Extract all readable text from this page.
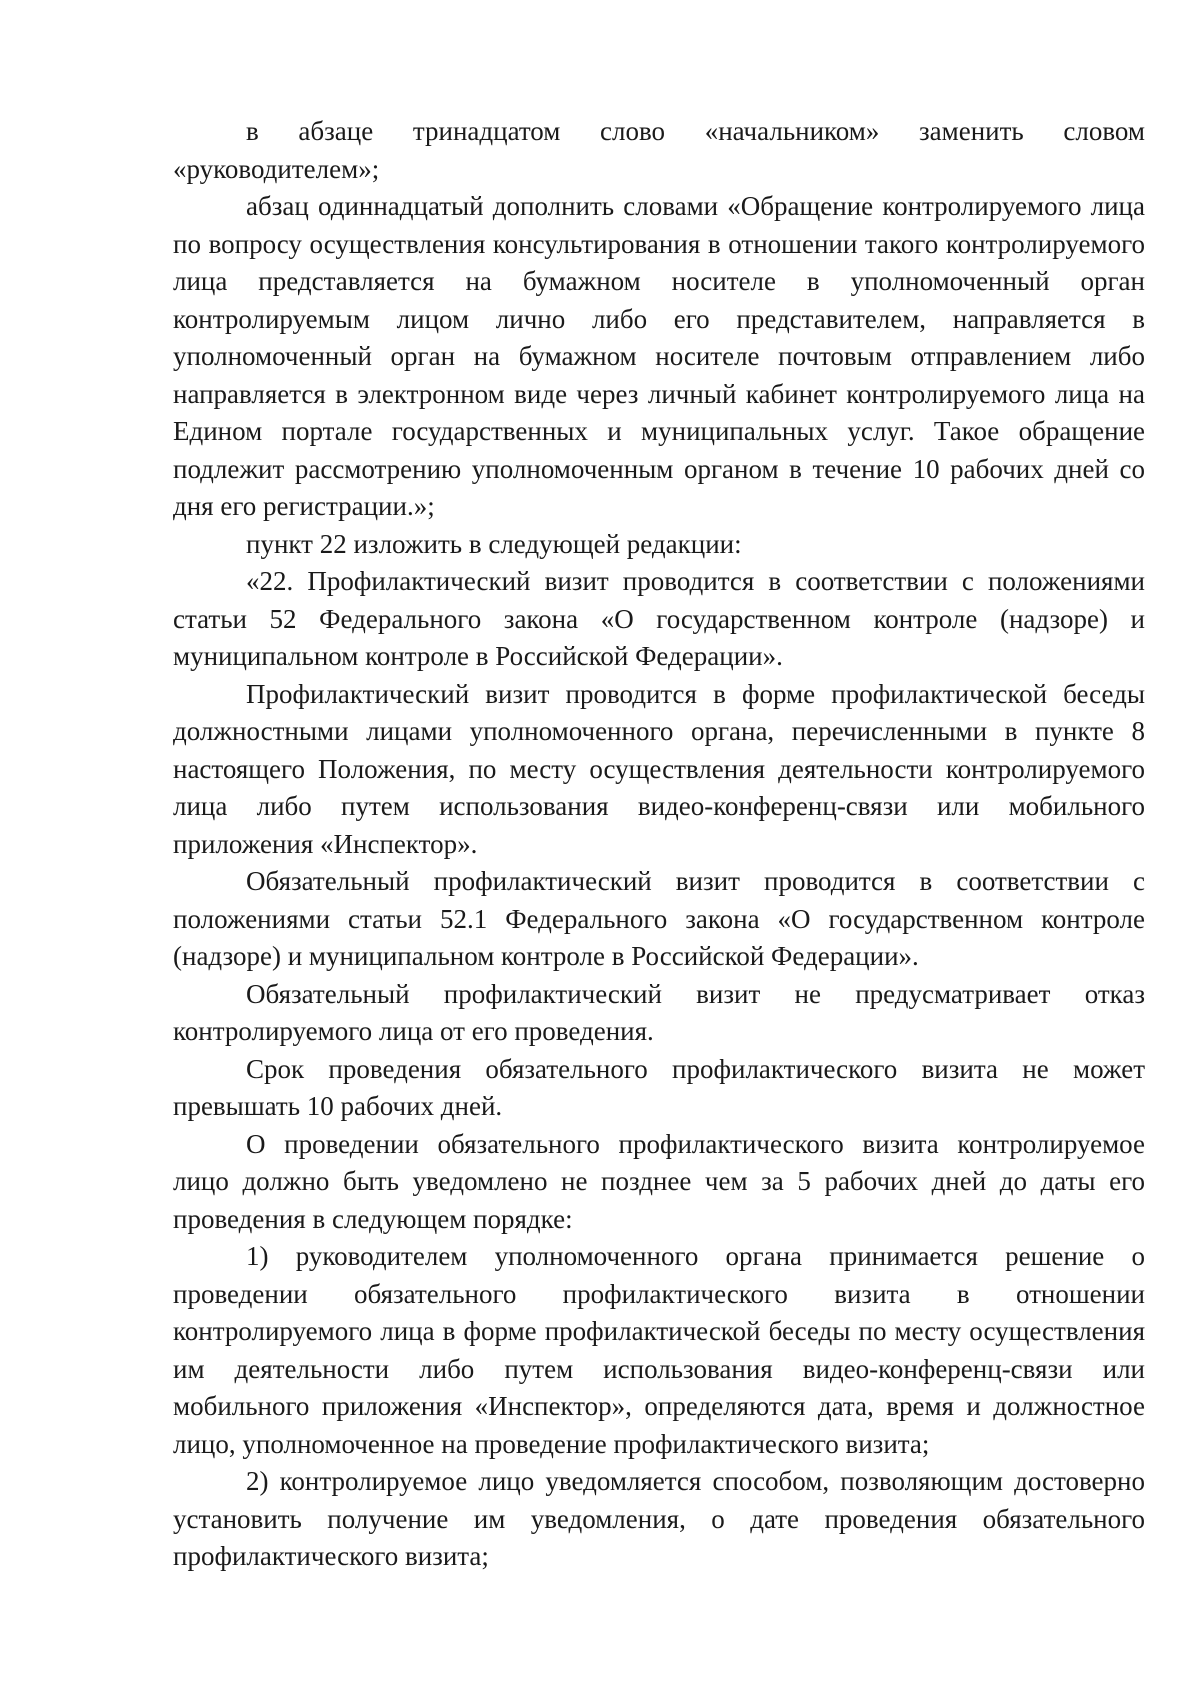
в абзаце тринадцатом слово «начальником» заменить словом «руководителем»;

абзац одиннадцатый дополнить словами «Обращение контролируемого лица по вопросу осуществления консультирования в отношении такого контролируемого лица представляется на бумажном носителе в уполномоченный орган контролируемым лицом лично либо его представителем, направляется в уполномоченный орган на бумажном носителе почтовым отправлением либо направляется в электронном виде через личный кабинет контролируемого лица на Едином портале государственных и муниципальных услуг. Такое обращение подлежит рассмотрению уполномоченным органом в течение 10 рабочих дней со дня его регистрации.»;

пункт 22 изложить в следующей редакции:

«22. Профилактический визит проводится в соответствии с положениями статьи 52 Федерального закона «О государственном контроле (надзоре) и муниципальном контроле в Российской Федерации».

Профилактический визит проводится в форме профилактической беседы должностными лицами уполномоченного органа, перечисленными в пункте 8 настоящего Положения, по месту осуществления деятельности контролируемого лица либо путем использования видео-конференц-связи или мобильного приложения «Инспектор».

Обязательный профилактический визит проводится в соответствии с положениями статьи 52.1 Федерального закона «О государственном контроле (надзоре) и муниципальном контроле в Российской Федерации».

Обязательный профилактический визит не предусматривает отказ контролируемого лица от его проведения.

Срок проведения обязательного профилактического визита не может превышать 10 рабочих дней.

О проведении обязательного профилактического визита контролируемое лицо должно быть уведомлено не позднее чем за 5 рабочих дней до даты его проведения в следующем порядке:

1) руководителем уполномоченного органа принимается решение о проведении обязательного профилактического визита в отношении контролируемого лица в форме профилактической беседы по месту осуществления им деятельности либо путем использования видео-конференц-связи или мобильного приложения «Инспектор», определяются дата, время и должностное лицо, уполномоченное на проведение профилактического визита;

2) контролируемое лицо уведомляется способом, позволяющим достоверно установить получение им уведомления, о дате проведения обязательного профилактического визита;
